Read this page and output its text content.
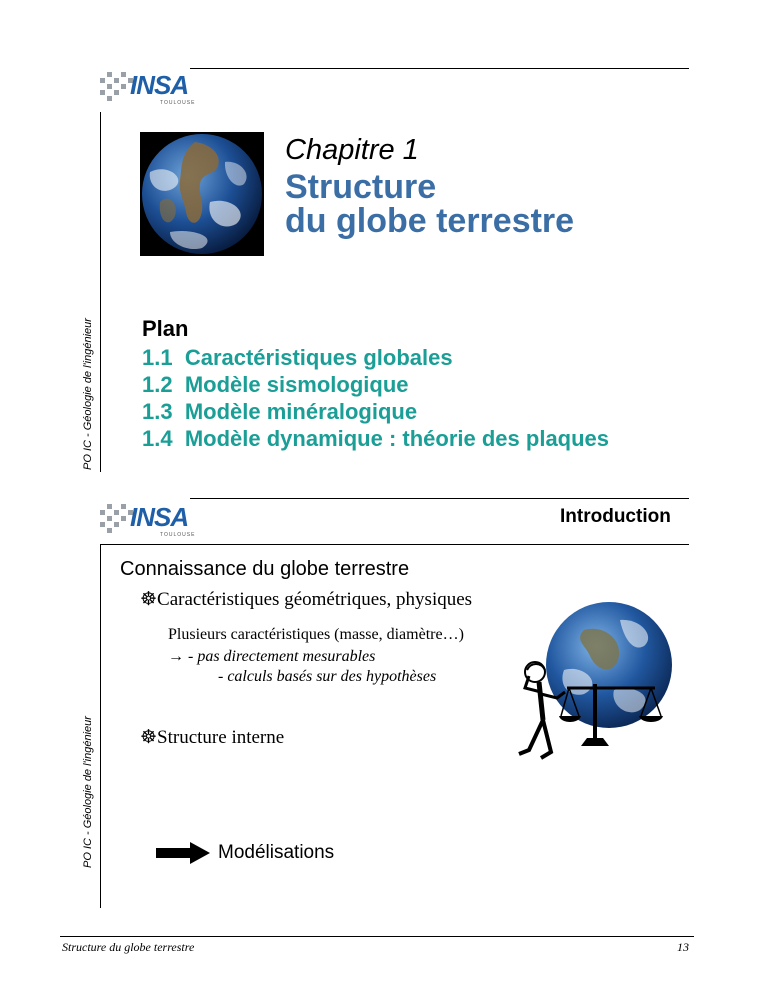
INSA
TOULOUSE
PO IC - Géologie de l'ingénieur
Chapitre 1
Structure
du globe terrestre
Plan
1.1 Caractéristiques globales
1.2 Modèle sismologique
1.3 Modèle minéralogique
1.4 Modèle dynamique : théorie des plaques
INSA
TOULOUSE
PO IC - Géologie de l'ingénieur
Introduction
Connaissance du globe terrestre
☸Caractéristiques géométriques, physiques
Plusieurs caractéristiques (masse, diamètre…)
→ - pas directement mesurables
- calculs basés sur des hypothèses
☸Structure interne
Modélisations
Structure du globe terrestre	13
